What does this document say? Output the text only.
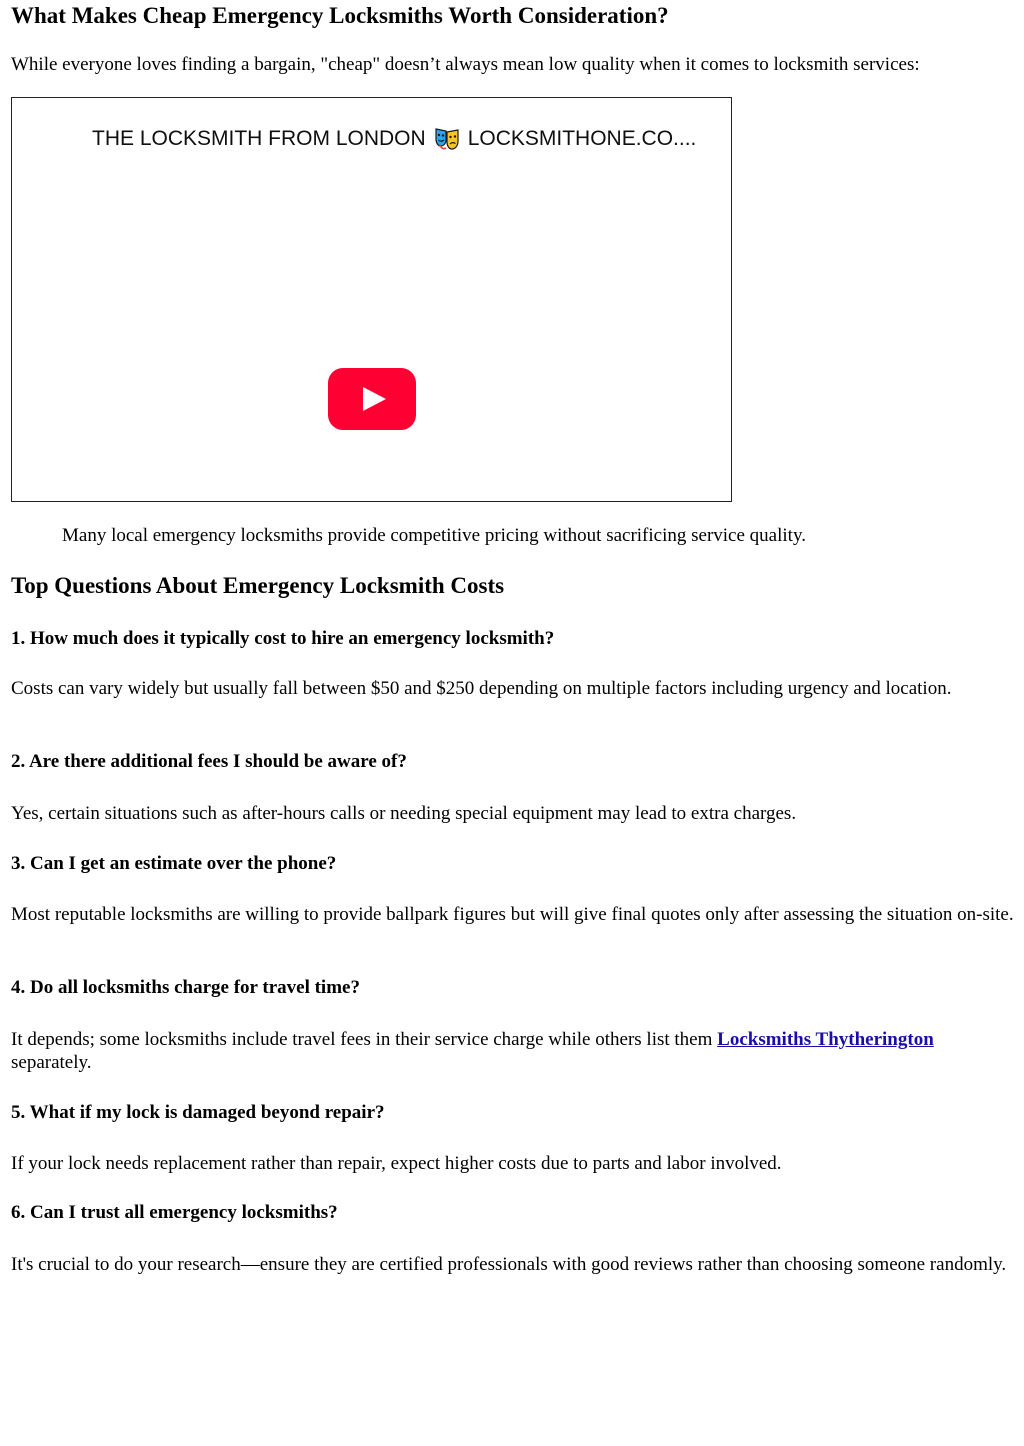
What Makes Cheap Emergency Locksmiths Worth Consideration?

While everyone loves finding a bargain, "cheap" doesn’t always mean low quality when it comes to locksmith services:

THE LOCKSMITH FROM LONDON LOCKSMITHONE.CO....

Many local emergency locksmiths provide competitive pricing without sacrificing service quality.

Top Questions About Emergency Locksmith Costs
1. How much does it typically cost to hire an emergency locksmith?

Costs can vary widely but usually fall between $50 and $250 depending on multiple factors including urgency and location.

2. Are there additional fees I should be aware of?

Yes, certain situations such as after-hours calls or needing special equipment may lead to extra charges.

3. Can I get an estimate over the phone?

Most reputable locksmiths are willing to provide ballpark figures but will give final quotes only after assessing the situation on-site.

4. Do all locksmiths charge for travel time?

It depends; some locksmiths include travel fees in their service charge while others list them Locksmiths Thytherington
separately.

5. What if my lock is damaged beyond repair?

If your lock needs replacement rather than repair, expect higher costs due to parts and labor involved.

6. Can I trust all emergency locksmiths?

It's crucial to do your research—ensure they are certified professionals with good reviews rather than choosing someone randomly.
